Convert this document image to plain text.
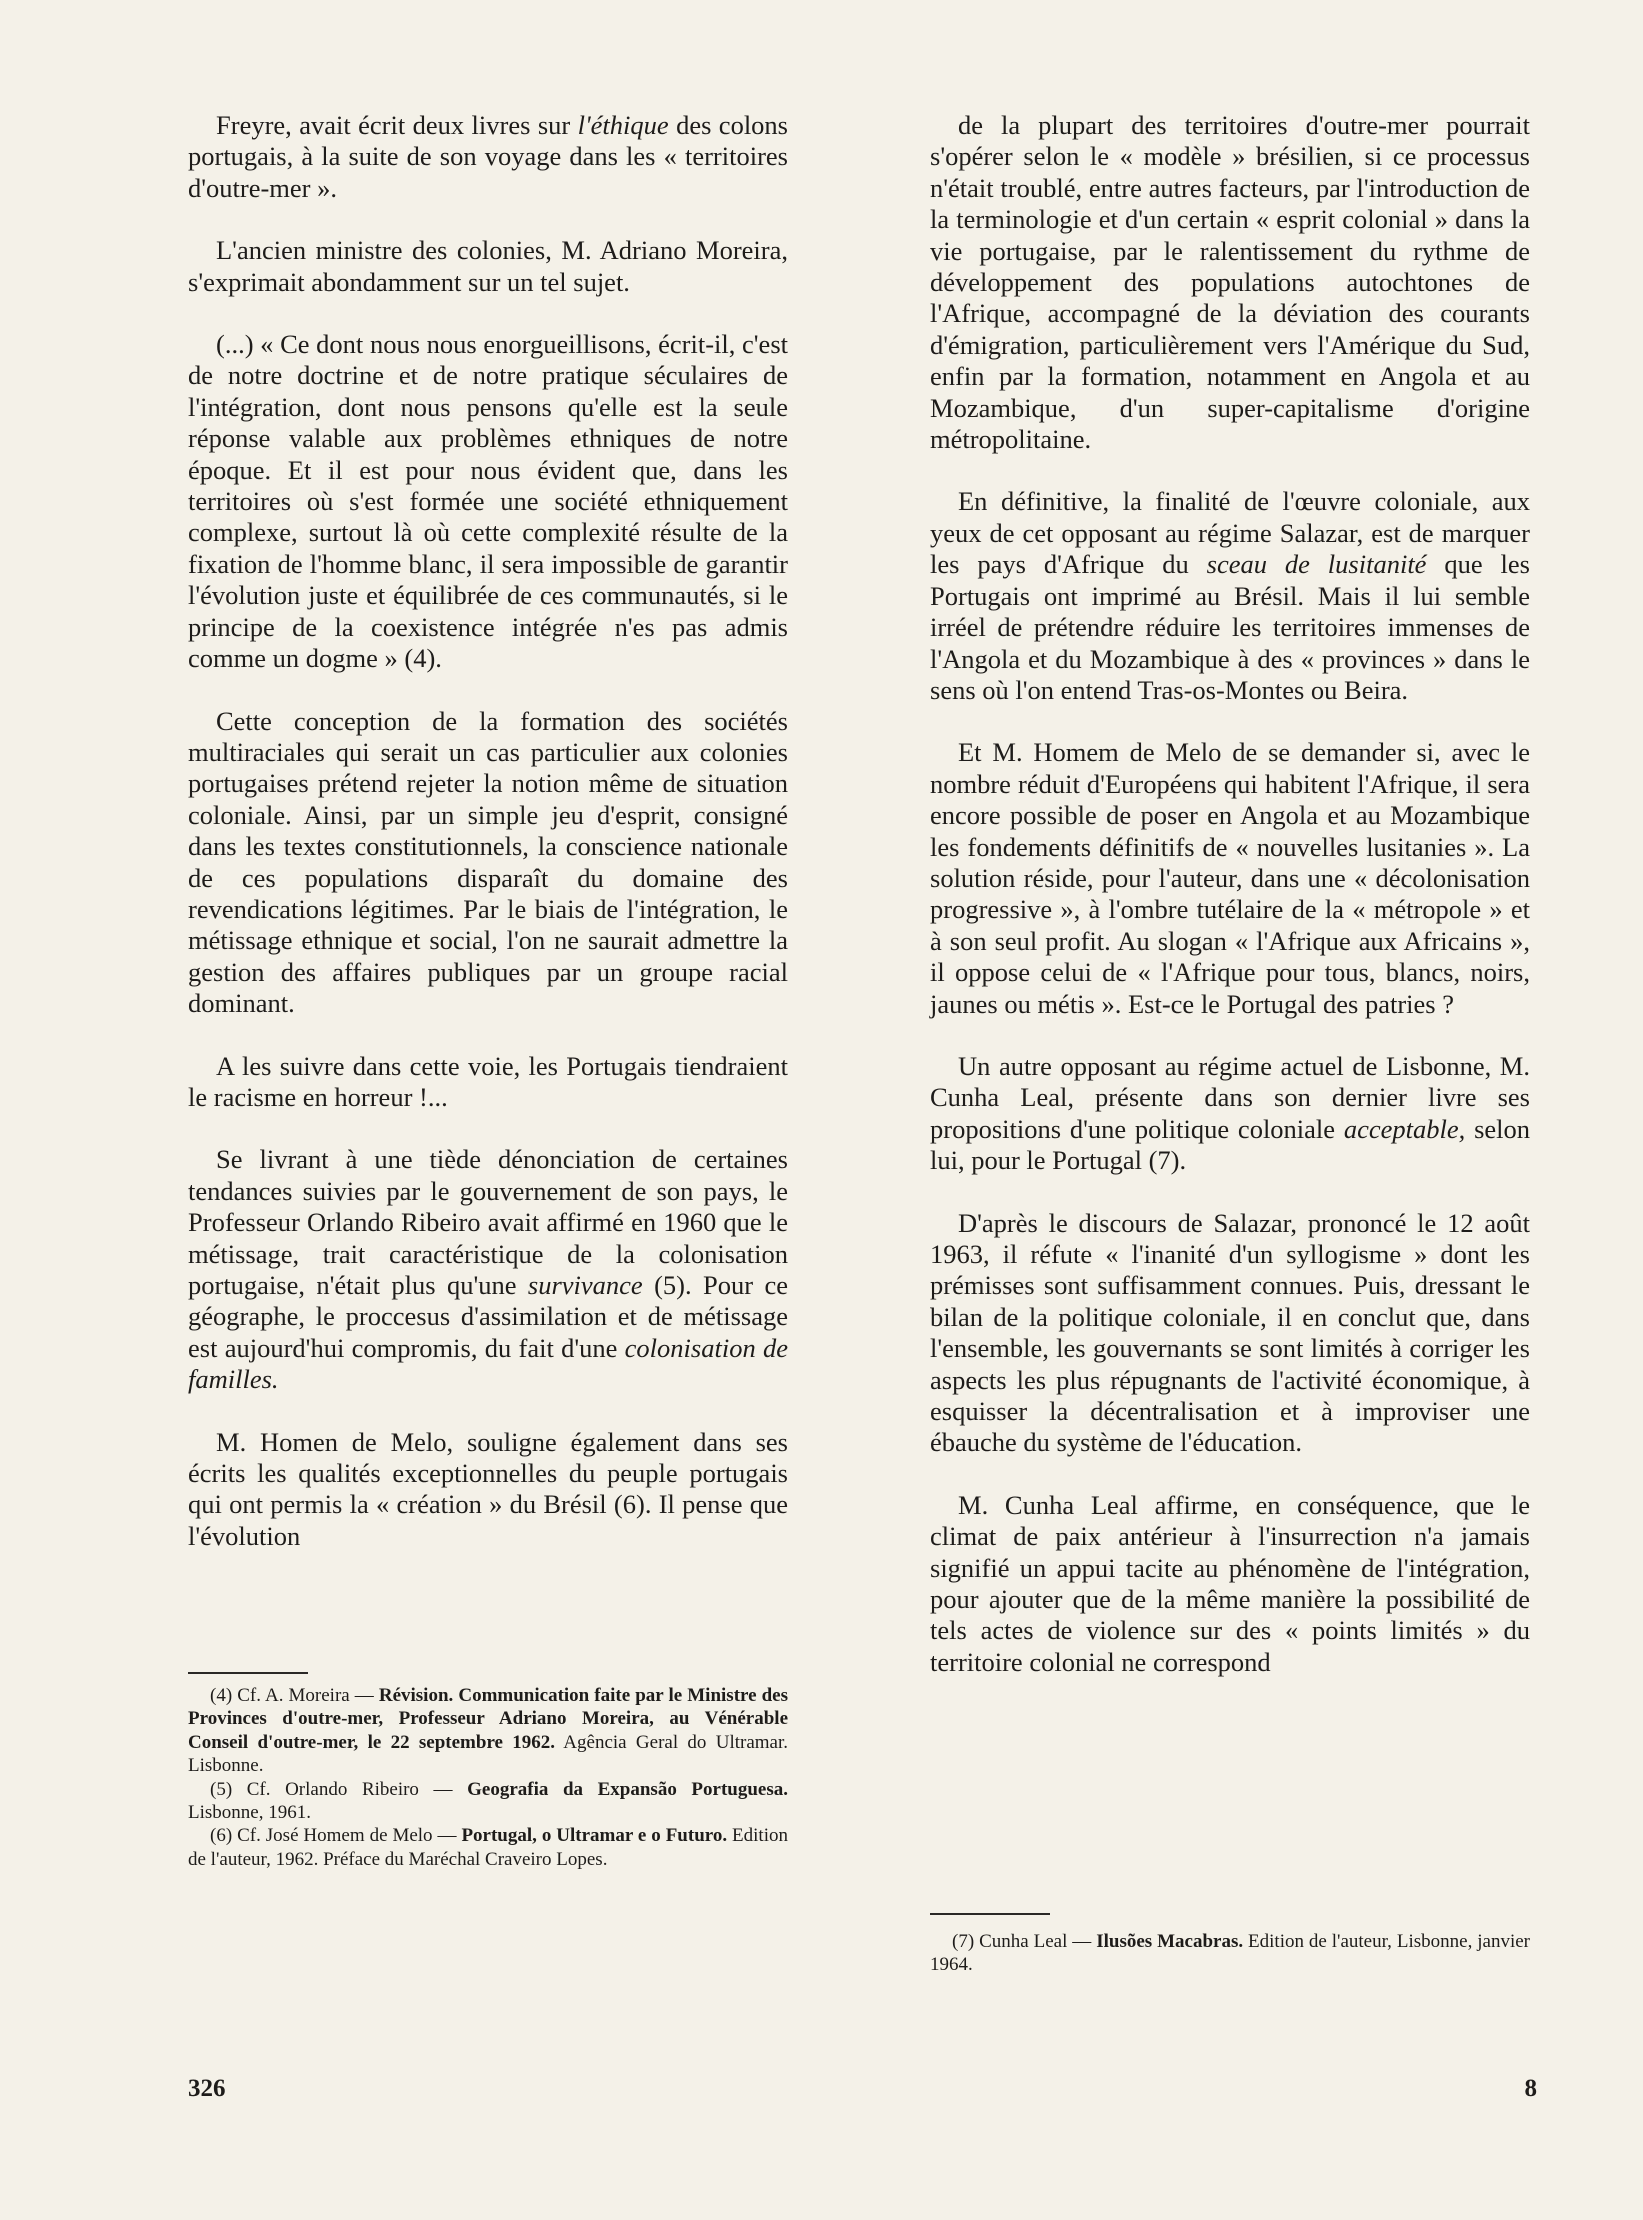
Freyre, avait écrit deux livres sur l'éthique des colons portugais, à la suite de son voyage dans les « territoires d'outre-mer ».

L'ancien ministre des colonies, M. Adriano Moreira, s'exprimait abondamment sur un tel sujet.

(...) « Ce dont nous nous enorgueillisons, écrit-il, c'est de notre doctrine et de notre pratique séculaires de l'intégration, dont nous pensons qu'elle est la seule réponse valable aux problèmes ethniques de notre époque. Et il est pour nous évident que, dans les territoires où s'est formée une société ethniquement complexe, surtout là où cette complexité résulte de la fixation de l'homme blanc, il sera impossible de garantir l'évolution juste et équilibrée de ces communautés, si le principe de la coexistence intégrée n'es pas admis comme un dogme » (4).

Cette conception de la formation des sociétés multiraciales qui serait un cas particulier aux colonies portugaises prétend rejeter la notion même de situation coloniale. Ainsi, par un simple jeu d'esprit, consigné dans les textes constitutionnels, la conscience nationale de ces populations disparaît du domaine des revendications légitimes. Par le biais de l'intégration, le métissage ethnique et social, l'on ne saurait admettre la gestion des affaires publiques par un groupe racial dominant.

A les suivre dans cette voie, les Portugais tiendraient le racisme en horreur !...

Se livrant à une tiède dénonciation de certaines tendances suivies par le gouvernement de son pays, le Professeur Orlando Ribeiro avait affirmé en 1960 que le métissage, trait caractéristique de la colonisation portugaise, n'était plus qu'une survivance (5). Pour ce géographe, le proccesus d'assimilation et de métissage est aujourd'hui compromis, du fait d'une colonisation de familles.

M. Homen de Melo, souligne également dans ses écrits les qualités exceptionnelles du peuple portugais qui ont permis la « création » du Brésil (6). Il pense que l'évolution

(4) Cf. A. Moreira — Révision. Communication faite par le Ministre des Provinces d'outre-mer, Professeur Adriano Moreira, au Vénérable Conseil d'outre-mer, le 22 septembre 1962. Agência Geral do Ultramar. Lisbonne.

(5) Cf. Orlando Ribeiro — Geografia da Expansão Portuguesa. Lisbonne, 1961.

(6) Cf. José Homem de Melo — Portugal, o Ultramar e o Futuro. Edition de l'auteur, 1962. Préface du Maréchal Craveiro Lopes.

326

de la plupart des territoires d'outre-mer pourrait s'opérer selon le « modèle » brésilien, si ce processus n'était troublé, entre autres facteurs, par l'introduction de la terminologie et d'un certain « esprit colonial » dans la vie portugaise, par le ralentissement du rythme de développement des populations autochtones de l'Afrique, accompagné de la déviation des courants d'émigration, particulièrement vers l'Amérique du Sud, enfin par la formation, notamment en Angola et au Mozambique, d'un super-capitalisme d'origine métropolitaine.

En définitive, la finalité de l'œuvre coloniale, aux yeux de cet opposant au régime Salazar, est de marquer les pays d'Afrique du sceau de lusitanité que les Portugais ont imprimé au Brésil. Mais il lui semble irréel de prétendre réduire les territoires immenses de l'Angola et du Mozambique à des « provinces » dans le sens où l'on entend Tras-os-Montes ou Beira.

Et M. Homem de Melo de se demander si, avec le nombre réduit d'Européens qui habitent l'Afrique, il sera encore possible de poser en Angola et au Mozambique les fondements définitifs de « nouvelles lusitanies ». La solution réside, pour l'auteur, dans une « décolonisation progressive », à l'ombre tutélaire de la « métropole » et à son seul profit. Au slogan « l'Afrique aux Africains », il oppose celui de « l'Afrique pour tous, blancs, noirs, jaunes ou métis ». Est-ce le Portugal des patries ?

Un autre opposant au régime actuel de Lisbonne, M. Cunha Leal, présente dans son dernier livre ses propositions d'une politique coloniale acceptable, selon lui, pour le Portugal (7).

D'après le discours de Salazar, prononcé le 12 août 1963, il réfute « l'inanité d'un syllogisme » dont les prémisses sont suffisamment connues. Puis, dressant le bilan de la politique coloniale, il en conclut que, dans l'ensemble, les gouvernants se sont limités à corriger les aspects les plus répugnants de l'activité économique, à esquisser la décentralisation et à improviser une ébauche du système de l'éducation.

M. Cunha Leal affirme, en conséquence, que le climat de paix antérieur à l'insurrection n'a jamais signifié un appui tacite au phénomène de l'intégration, pour ajouter que de la même manière la possibilité de tels actes de violence sur des « points limités » du territoire colonial ne correspond

(7) Cunha Leal — Ilusões Macabras. Edition de l'auteur, Lisbonne, janvier 1964.

8
